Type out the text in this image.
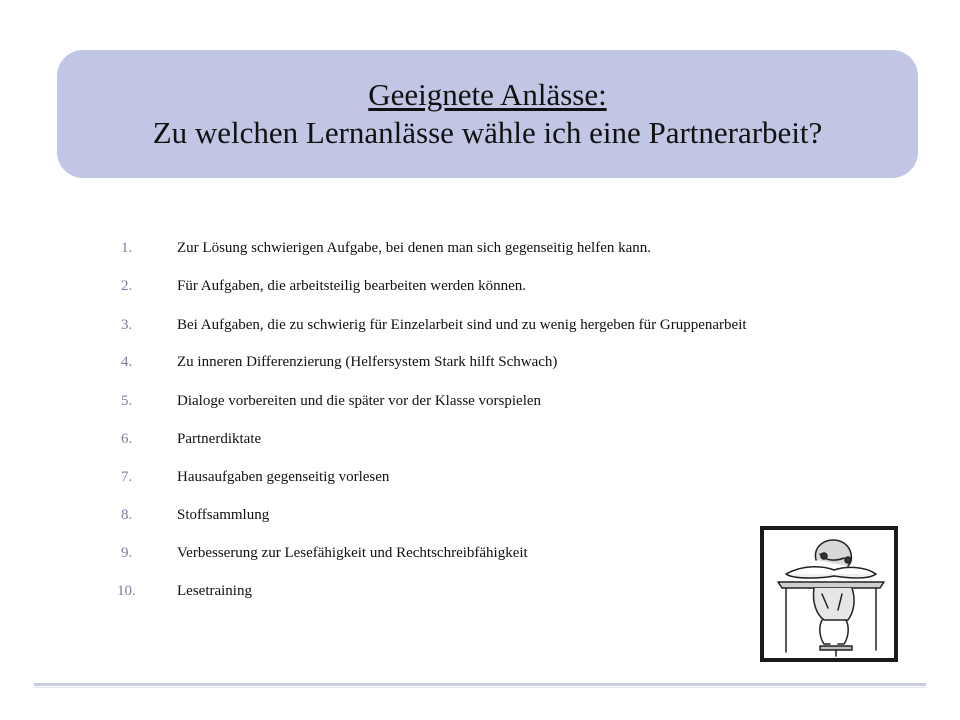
Geeignete Anlässe:
Zu welchen Lernanlässe wähle ich eine Partnerarbeit?
1.	Zur Lösung schwierigen Aufgabe, bei denen man sich gegenseitig helfen kann.
2.	Für Aufgaben, die arbeitsteilig bearbeiten werden können.
3.	Bei Aufgaben, die zu schwierig für Einzelarbeit sind und zu wenig hergeben für Gruppenarbeit
4.	Zu inneren Differenzierung (Helfersystem Stark hilft Schwach)
5.	Dialoge vorbereiten und die später vor der Klasse vorspielen
6.	Partnerdiktate
7.	Hausaufgaben gegenseitig vorlesen
8.	Stoffsammlung
9.	Verbesserung zur Lesefähigkeit und Rechtschreibfähigkeit
10.	Lesetraining
